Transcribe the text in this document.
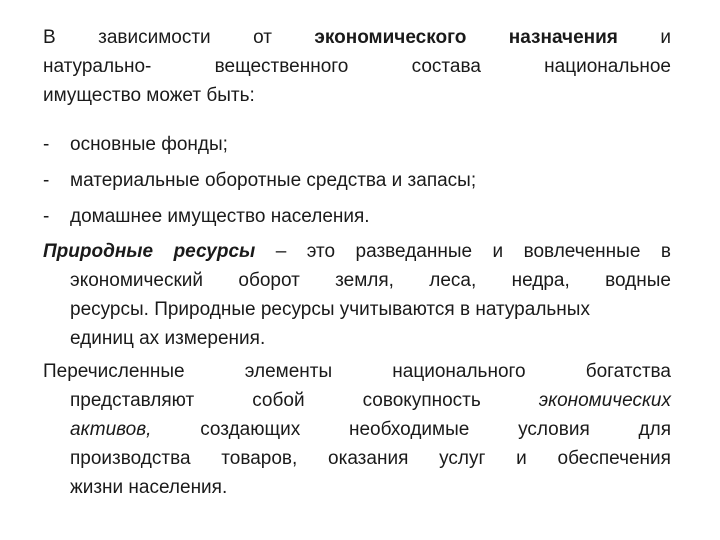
В зависимости от экономического назначения и
натурально-	вещественного	состава	национальное
имущество может быть:
- основные фонды;
- материальные оборотные средства и запасы;
- домашнее имущество населения.
Природные ресурсы – это разведанные и вовлеченные в
экономический оборот земля, леса, недра, водные
ресурсы. Природные ресурсы учитываются в натуральных
единиц ах измерения.
Перечисленные	элементы	национального	богатства
представляют	собой	совокупность	экономических
активов,	создающих	необходимые	условия	для
производства товаров, оказания услуг и обеспечения
жизни населения.
